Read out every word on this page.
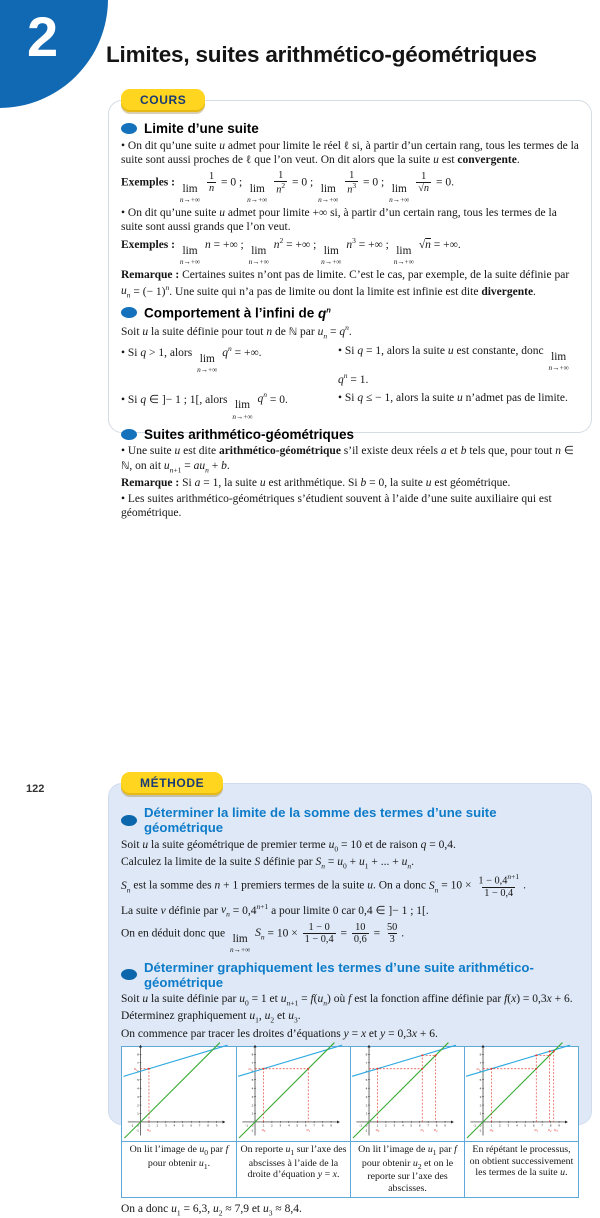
2 Limites, suites arithmético-géométriques
COURS
Limite d’une suite

• On dit qu’une suite u admet pour limite le réel ℓ si, à partir d’un certain rang, tous les termes de la suite sont aussi proches de ℓ que l’on veut. On dit alors que la suite u est convergente.

Exemples : lim
n→+∞

$\frac{1}{n} = 0$ ; lim
n→+∞

$\frac{1}{n^2} = 0$ ; lim
n→+∞

$\frac{1}{n^3} = 0$ ; lim
n→+∞

$\frac{1}{√n} = 0$.

• On dit qu’une suite u admet pour limite +∞ si, à partir d’un certain rang, tous les termes de la suite sont aussi grands que l’on veut.

Exemples : lim
n→+∞
n = +∞ ; lim
n→+∞
$n^2$ = +∞ ; lim
n→+∞
$n^3$ = +∞ ; lim
n→+∞
√n = +∞.

Remarque : Certaines suites n’ont pas de limite. C’est le cas, par exemple, de la suite définie par $u_n$ = (− 1)$^n$. Une suite qui n’a pas de limite ou dont la limite est infinie est dite divergente.

Comportement à l’infini de $q^n$

Soit u la suite définie pour tout n de ℕ par $u_n = q^n$.

• Si q > 1, alors lim
n→+∞
$q^n$ = +∞.	• Si q = 1, alors la suite u est constante, donc lim
n→+∞
$q^n = 1$.

• Si q ∈ ]− 1 ; 1[, alors lim
n→+∞
$q^n = 0$.	• Si q ≤ − 1, alors la suite u n’admet pas de limite.

Suites arithmético-géométriques

• Une suite u est dite arithmético-géométrique s’il existe deux réels a et b tels que, pour tout n ∈ ℕ, on ait $u_{n+1} = au_n + b$.

Remarque : Si a = 1, la suite u est arithmétique. Si b = 0, la suite u est géométrique.

• Les suites arithmético-géométriques s’étudient souvent à l’aide d’une suite auxiliaire qui est géométrique.

MÉTHODE
Déterminer la limite de la somme des termes d’une suite géométrique

Soit u la suite géométrique de premier terme $u_0 = 10$ et de raison q = 0,4.

Calculez la limite de la suite S définie par $S_n = u_0 + u_1$ + ... + $u_n$.

$S_n$ est la somme des n + 1 premiers termes de la suite u. On a donc $S_n = 10 \times \frac{1 - 0,4^{n+1}}{1 - 0,4}$ .

La suite v définie par $v_n = 0,4^{n+1}$ a pour limite 0 car 0,4 ∈ ]− 1 ; 1[.

On en déduit donc que lim
n→+∞
$S_n = 10 \times \frac{1 - 0}{1 - 0,4} = \frac{10}{0,6} = \frac{50}{3}$ .

Déterminer graphiquement les termes d’une suite arithmético-géométrique

Soit u la suite définie par $u_0 = 1$ et $u_{n+1} = f(u_n)$ où f est la fonction affine définie par f(x) = 0,3x + 6.

Déterminez graphiquement $u_1$, $u_2$ et $u_3$.

On commence par tracer les droites d’équations y = x et y = 0,3x + 6.

1 2 3 4 5 6 7 8 9
1
2
3
4
5
7
8
-1 0
-1 $u_0$
$u_1$
1 2 3 4 5 6 7 8 9
1
2
3
4
5
7
8
-1 0
-1 $u_0$	$u_1$
$u_1$
1 2 3 4 5 6 7 8 9
1
2
3
4
5
7
8
-1 0
-1 $u_0$	$u_1$ $u_2$
1 2 3 4 5 6 7 8 9
1
2
3
4
5
7
8
-1 0
-1 $u_0$	$u_1$ $u_2$ $u_3$
$u_1$
On lit l’image de $u_0$ par f pour obtenir $u_1$.
On reporte $u_1$ sur l’axe des abscisses à l’aide de la droite d’équation y = x.
On lit l’image de $u_1$ par f pour obtenir $u_2$ et on le reporte sur l’axe des abscisses.
En répétant le processus, on obtient successivement les termes de la suite u.

On a donc $u_1 = 6,3$, $u_2 \approx 7,9$ et $u_3 \approx 8,4$.

122
